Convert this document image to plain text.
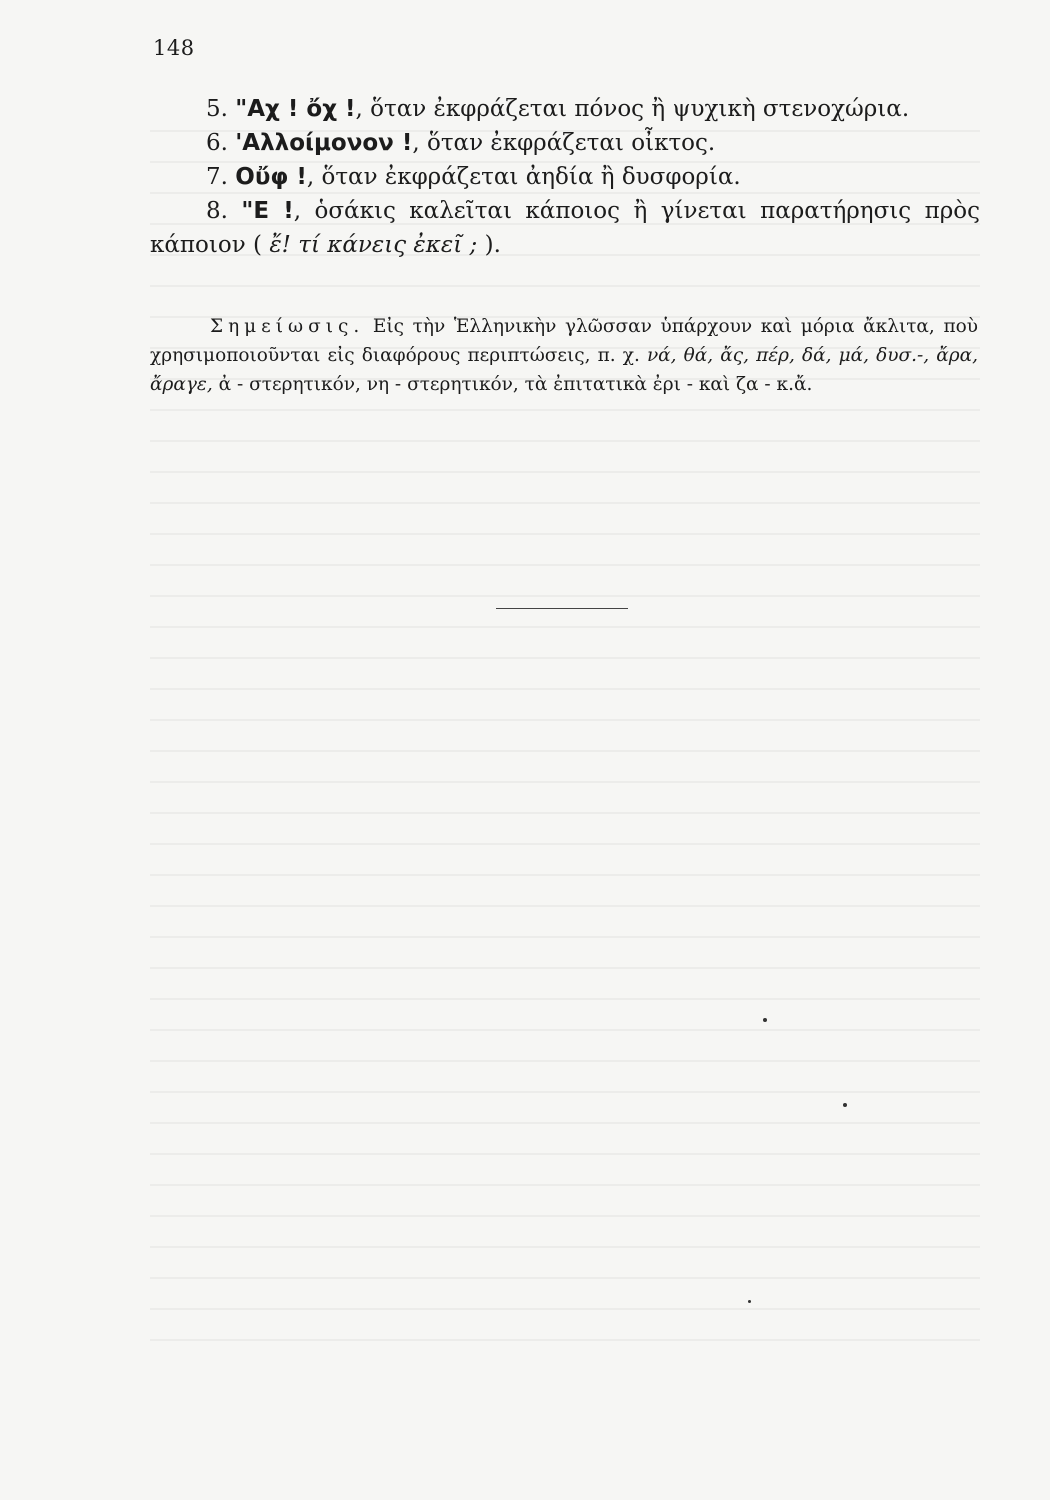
148

5. "Αχ ! ὄχ !, ὅταν ἐκφράζεται πόνος ἢ ψυχικὴ στενοχώρια.

6. 'Αλλοίμονον !, ὅταν ἐκφράζεται οἶκτος.

7. Οὔφ !, ὅταν ἐκφράζεται ἀηδία ἢ δυσφορία.

8. "Ε !, ὁσάκις καλεῖται κάποιος ἢ γίνεται παρατήρησις πρὸς κάποιον ( ἔ! τί κάνεις ἐκεῖ ; ).

Σημείωσις. Εἰς τὴν Ἑλληνικὴν γλῶσσαν ὑπάρχουν καὶ μόρια ἄκλιτα, ποὺ χρησιμοποιοῦνται εἰς διαφόρους περιπτώσεις, π. χ. νά, θά, ἄς, πέρ, δά, μά, δυσ.-, ἄρα, ἄραγε, ἀ - στερητικόν, νη - στερητικόν, τὰ ἐπιτατικὰ ἐρι - καὶ ζα - κ.ἄ.
